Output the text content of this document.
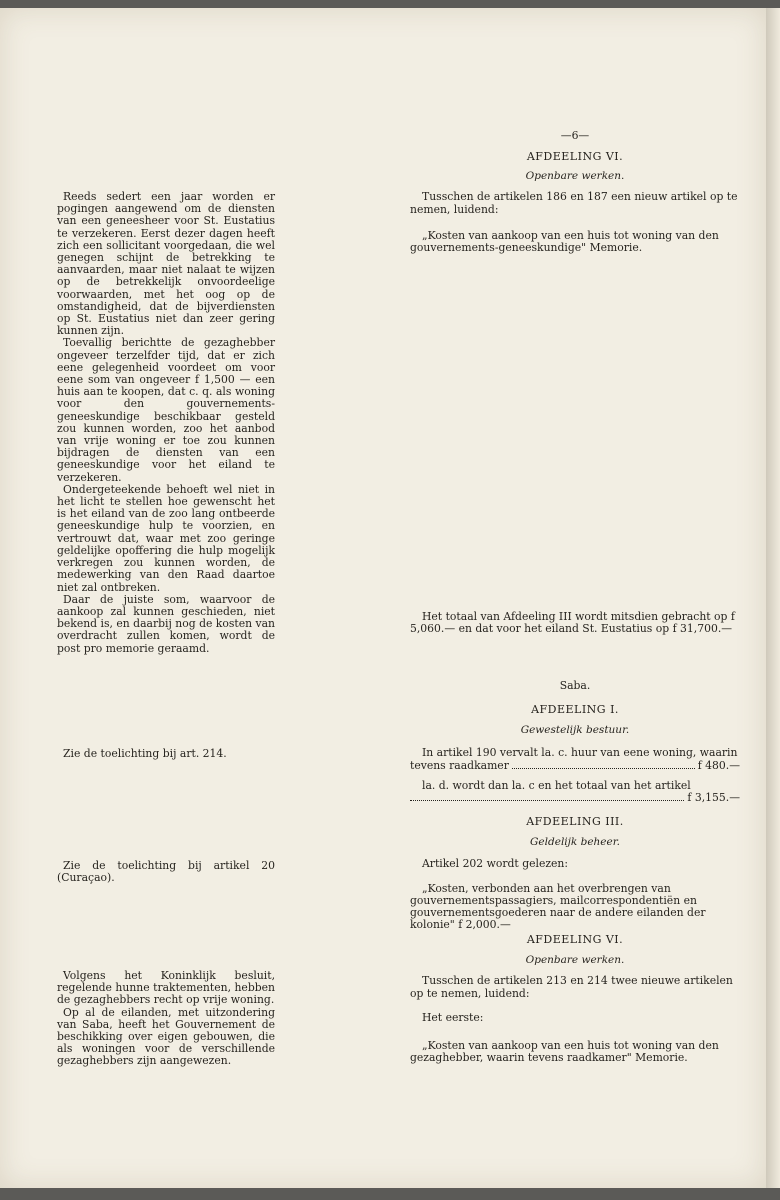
Reeds sedert een jaar worden er pogingen aangewend om de diensten van een geneesheer voor St. Eustatius te verzekeren. Eerst dezer dagen heeft zich een sollicitant voorgedaan, die wel genegen schijnt de betrekking te aanvaarden, maar niet nalaat te wijzen op de betrekkelijk onvoordeelige voorwaarden, met het oog op de omstandigheid, dat de bijverdiensten op St. Eustatius niet dan zeer gering kunnen zijn.

Toevallig berichtte de gezaghebber ongeveer terzelfder tijd, dat er zich eene gelegenheid voordeet om voor eene som van ongeveer f 1,500 — een huis aan te koopen, dat c. q. als woning voor den gouvernements-geneeskundige beschikbaar gesteld zou kunnen worden, zoo het aanbod van vrije woning er toe zou kunnen bijdragen de diensten van een geneeskundige voor het eiland te verzekeren.

Ondergeteekende behoeft wel niet in het licht te stellen hoe gewenscht het is het eiland van de zoo lang ontbeerde geneeskundige hulp te voorzien, en vertrouwt dat, waar met zoo geringe geldelijke opoffering die hulp mogelijk verkregen zou kunnen worden, de medewerking van den Raad daartoe niet zal ontbreken.

Daar de juiste som, waarvoor de aankoop zal kunnen geschieden, niet bekend is, en daarbij nog de kosten van overdracht zullen komen, wordt de post pro memorie geraamd.

Zie de toelichting bij art. 214.

Zie de toelichting bij artikel 20 (Curaçao).

Volgens het Koninklijk besluit, regelende hunne traktementen, hebben de gezaghebbers recht op vrije woning.

Op al de eilanden, met uitzondering van Saba, heeft het Gouvernement de beschikking over eigen gebouwen, die als woningen voor de verschillende gezaghebbers zijn aangewezen.

—6—

AFDEELING VI.

Openbare werken.

Tusschen de artikelen 186 en 187 een nieuw artikel op te nemen, luidend:

„Kosten van aankoop van een huis tot woning van den gouvernements-geneeskundige" Memorie.

Het totaal van Afdeeling III wordt mitsdien gebracht op f 5,060.— en dat voor het eiland St. Eustatius op f 31,700.—

Saba.

AFDEELING I.

Gewestelijk bestuur.

In artikel 190 vervalt la. c. huur van eene woning, waarin

tevens raadkamer	f 480.—

la. d. wordt dan la. c en het totaal van het artikel

f 3,155.—

AFDEELING III.

Geldelijk beheer.

Artikel 202 wordt gelezen:

„Kosten, verbonden aan het overbrengen van gouvernementspassagiers, mailcorrespondentiën en gouvernementsgoederen naar de andere eilanden der kolonie" f 2,000.—

AFDEELING VI.

Openbare werken.

Tusschen de artikelen 213 en 214 twee nieuwe artikelen op te nemen, luidend:

Het eerste:

„Kosten van aankoop van een huis tot woning van den gezaghebber, waarin tevens raadkamer" Memorie.
